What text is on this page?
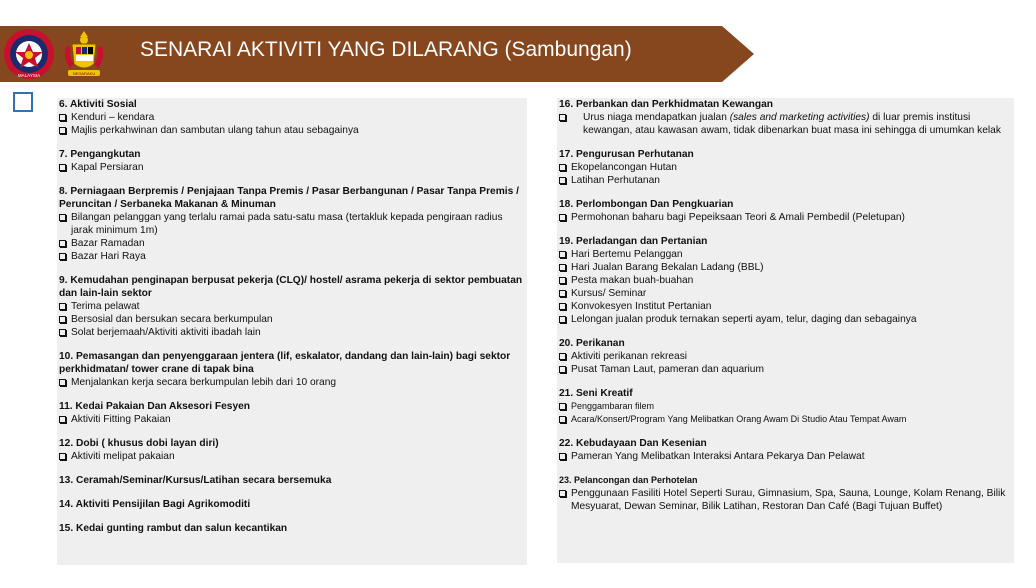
MALAYSIA	NEGARAKU
SENARAI AKTIVITI YANG DILARANG (Sambungan)
6. Aktiviti Sosial
Kenduri – kendara
Majlis perkahwinan dan sambutan ulang tahun atau sebagainya
7. Pengangkutan
Kapal Persiaran
8. Perniagaan Berpremis / Penjajaan Tanpa Premis / Pasar Berbangunan / Pasar Tanpa Premis / Peruncitan / Serbaneka Makanan & Minuman
Bilangan pelanggan yang terlalu ramai pada satu-satu masa (tertakluk kepada pengiraan radius jarak minimum 1m)
Bazar Ramadan
Bazar Hari Raya
9. Kemudahan penginapan berpusat pekerja (CLQ)/ hostel/ asrama pekerja di sektor pembuatan dan lain-lain sektor
Terima pelawat
Bersosial dan bersukan secara berkumpulan
Solat berjemaah/Aktiviti aktiviti ibadah lain
10. Pemasangan dan penyenggaraan jentera (lif, eskalator, dandang dan lain-lain) bagi sektor perkhidmatan/ tower crane di tapak bina
Menjalankan kerja secara berkumpulan lebih dari 10 orang
11. Kedai Pakaian Dan Aksesori Fesyen
Aktiviti Fitting Pakaian
12. Dobi ( khusus dobi layan diri)
Aktiviti melipat pakaian
13. Ceramah/Seminar/Kursus/Latihan secara bersemuka
14. Aktiviti Pensijilan Bagi Agrikomoditi
15. Kedai gunting rambut dan salun kecantikan
16. Perbankan dan Perkhidmatan Kewangan
Urus niaga mendapatkan jualan (sales and marketing activities) di luar premis institusi kewangan, atau kawasan awam, tidak dibenarkan buat masa ini sehingga di umumkan kelak
17. Pengurusan Perhutanan
Ekopelancongan Hutan
Latihan Perhutanan
18. Perlombongan Dan Pengkuarian
Permohonan baharu bagi Pepeiksaan Teori & Amali Pembedil (Peletupan)
19. Perladangan dan Pertanian
Hari Bertemu Pelanggan
Hari Jualan Barang Bekalan Ladang (BBL)
Pesta makan buah-buahan
Kursus/ Seminar
Konvokesyen Institut Pertanian
Lelongan jualan produk ternakan seperti ayam, telur, daging dan sebagainya
20. Perikanan
Aktiviti perikanan rekreasi
Pusat Taman Laut, pameran dan aquarium
21. Seni Kreatif
Penggambaran filem
Acara/Konsert/Program Yang Melibatkan Orang Awam Di Studio Atau Tempat Awam
22. Kebudayaan Dan Kesenian
Pameran Yang Melibatkan Interaksi Antara Pekarya Dan Pelawat
23. Pelancongan dan Perhotelan
Penggunaan Fasiliti Hotel Seperti Surau, Gimnasium, Spa, Sauna, Lounge, Kolam Renang, Bilik Mesyuarat, Dewan Seminar, Bilik Latihan, Restoran Dan Café (Bagi Tujuan Buffet)
